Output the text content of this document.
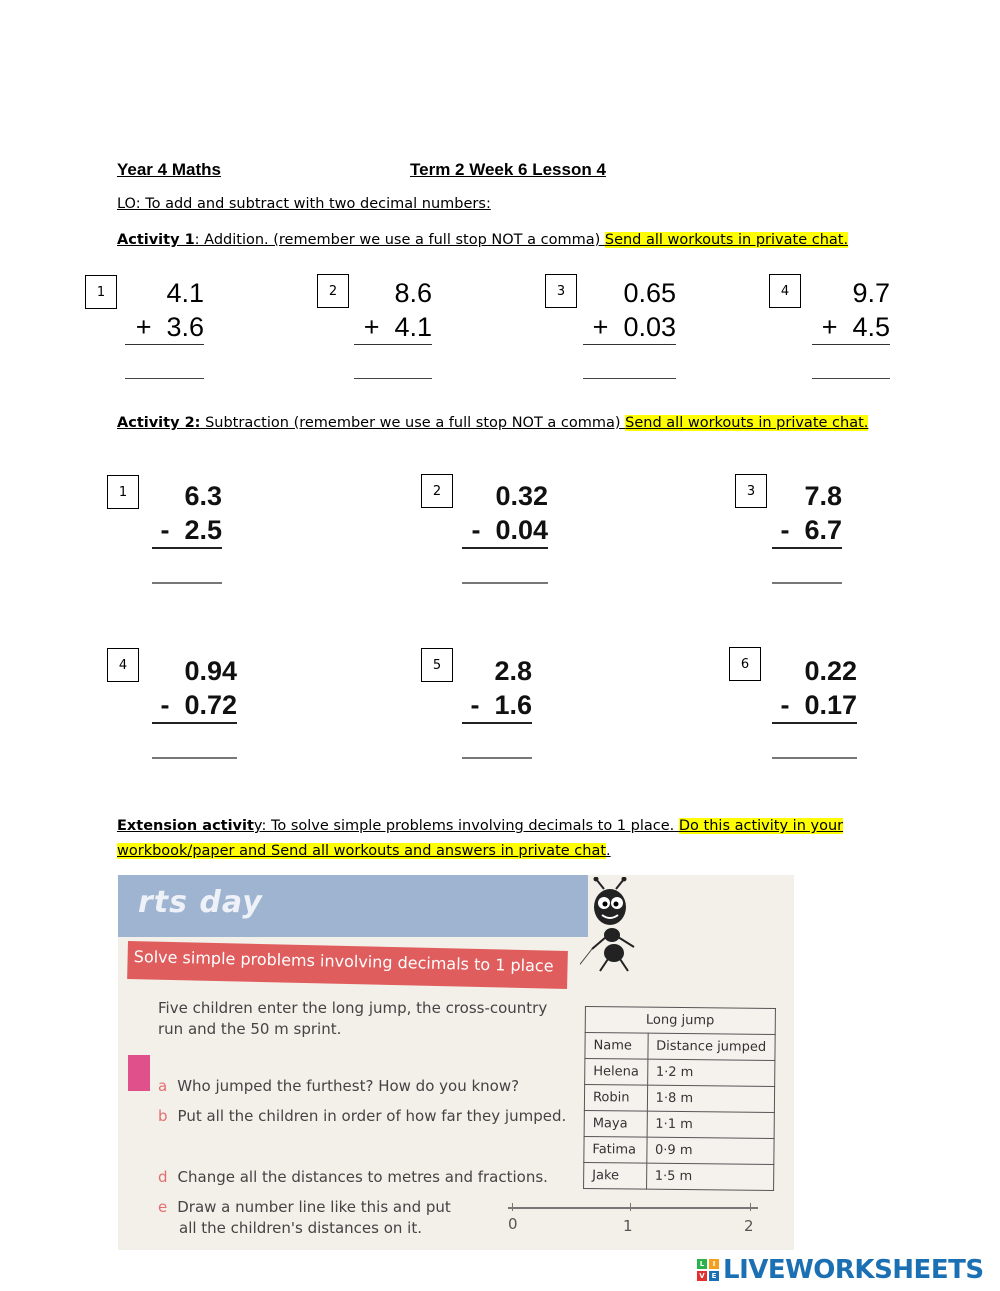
Year 4 Maths	Term 2 Week 6 Lesson 4
LO: To add and subtract with two decimal numbers:
Activity 1: Addition. (remember we use a full stop NOT a comma) Send all workouts in private chat.
1	4.1
+  3.6
2	8.6
+  4.1
3	0.65
+  0.03
4	9.7
+  4.5
Activity 2: Subtraction (remember we use a full stop NOT a comma) Send all workouts in private chat.
1	6.3
-  2.5
2	0.32
-  0.04
3	7.8
-  6.7
4	0.94
-  0.72
5	2.8
-  1.6
6	0.22
-  0.17
Extension activity: To solve simple problems involving decimals to 1 place. Do this activity in your
workbook/paper and Send all workouts and answers in private chat.
rts day
Solve simple problems involving decimals to 1 place
Five children enter the long jump, the cross-country
run and the 50 m sprint.
a Who jumped the furthest? How do you know?
b Put all the children in order of how far they jumped.
d Change all the distances to metres and fractions.
e Draw a number line like this and put
all the children's distances on it.
Long jump	
Name	Distance jumped
Helena	1·2 m
Robin	1·8 m
Maya	1·1 m
Fatima	0·9 m
Jake	1·5 m
0	1	2
L	I
V E LIVEWORKSHEETS
